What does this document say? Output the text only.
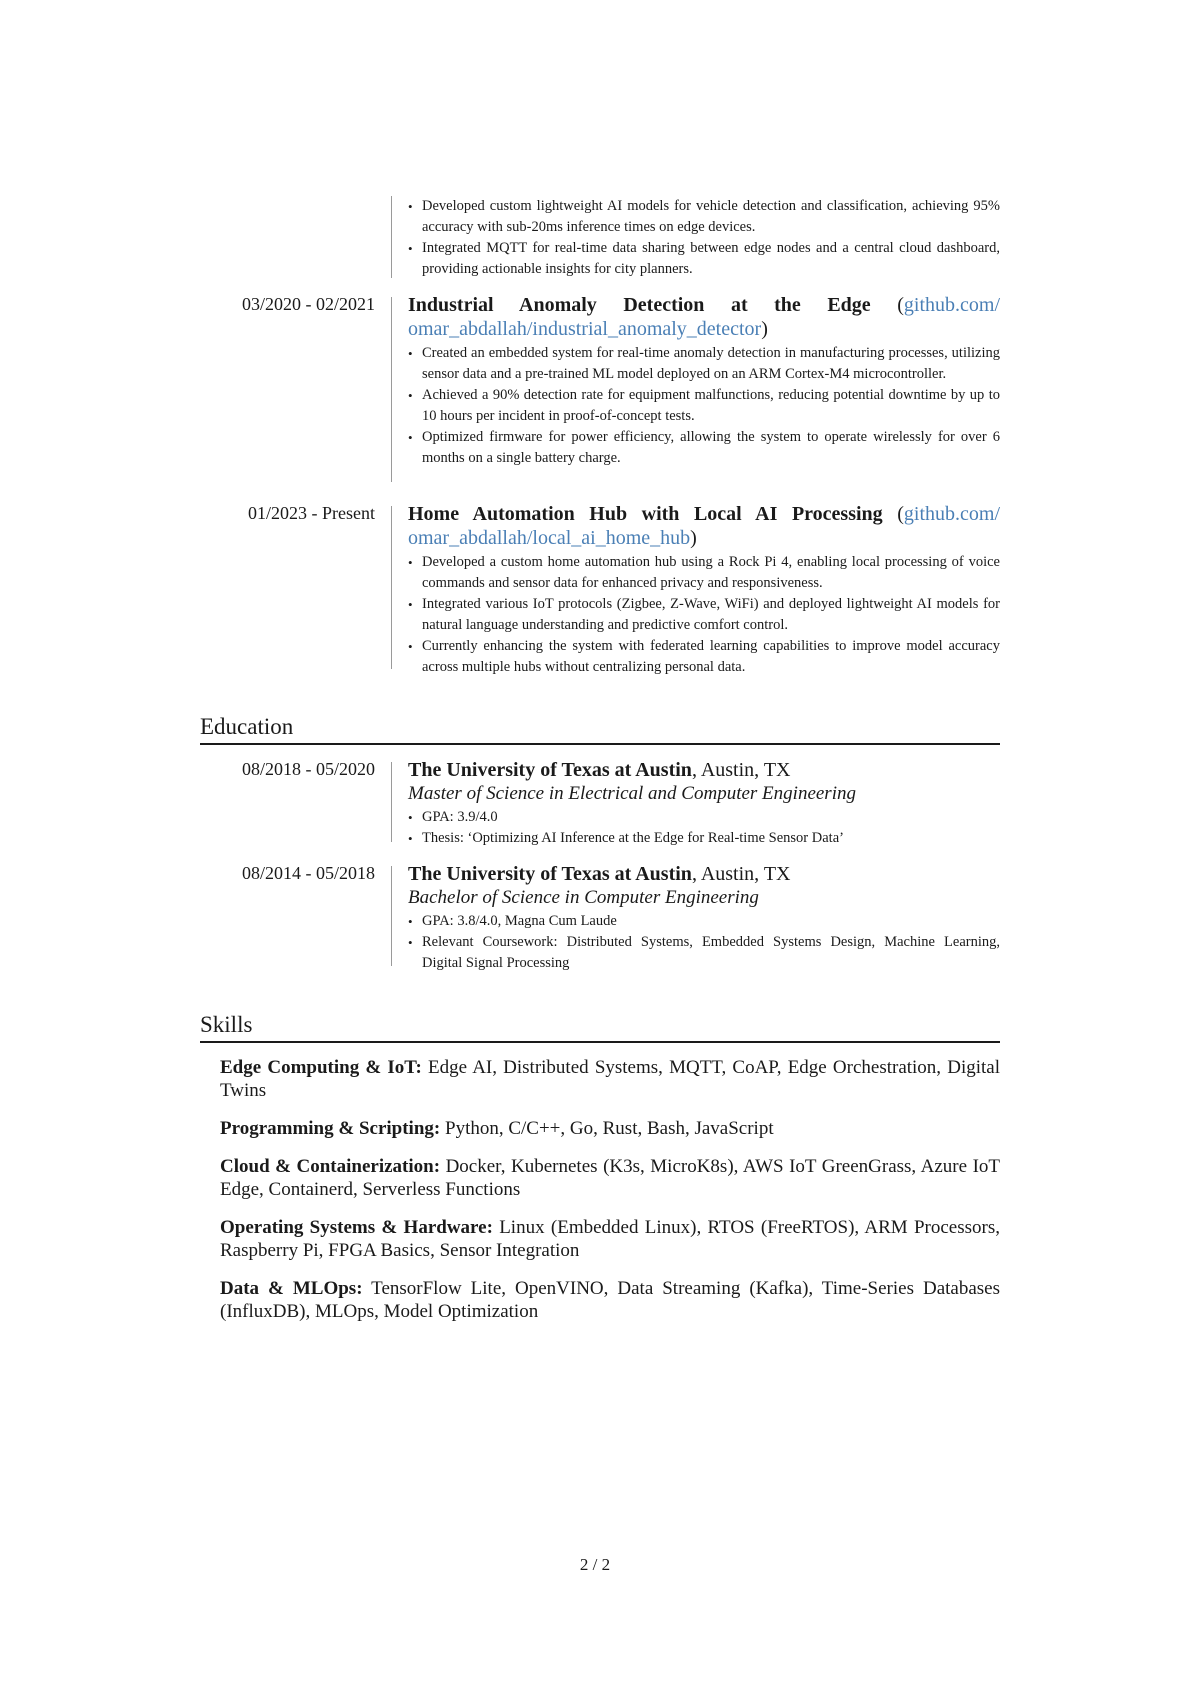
• Developed custom lightweight AI models for vehicle detection and classification, achieving 95% accuracy with sub-20ms inference times on edge devices.
• Integrated MQTT for real-time data sharing between edge nodes and a central cloud dashboard, providing actionable insights for city planners.
03/2020 - 02/2021 Industrial Anomaly Detection at the Edge (github.com/ omar_abdallah/industrial_anomaly_detector)
• Created an embedded system for real-time anomaly detection in manufacturing processes, utilizing sensor data and a pre-trained ML model deployed on an ARM Cortex-M4 microcontroller.
• Achieved a 90% detection rate for equipment malfunctions, reducing potential downtime by up to 10 hours per incident in proof-of-concept tests.
• Optimized firmware for power efficiency, allowing the system to operate wirelessly for over 6 months on a single battery charge.
01/2023 - Present Home Automation Hub with Local AI Processing (github.com/ omar_abdallah/local_ai_home_hub)
• Developed a custom home automation hub using a Rock Pi 4, enabling local processing of voice commands and sensor data for enhanced privacy and responsiveness.
• Integrated various IoT protocols (Zigbee, Z-Wave, WiFi) and deployed lightweight AI models for natural language understanding and predictive comfort control.
• Currently enhancing the system with federated learning capabilities to improve model accuracy across multiple hubs without centralizing personal data.
Education
08/2018 - 05/2020 The University of Texas at Austin, Austin, TX
Master of Science in Electrical and Computer Engineering
• GPA: 3.9/4.0
• Thesis: ‘Optimizing AI Inference at the Edge for Real-time Sensor Data’
08/2014 - 05/2018 The University of Texas at Austin, Austin, TX
Bachelor of Science in Computer Engineering
• GPA: 3.8/4.0, Magna Cum Laude
• Relevant Coursework: Distributed Systems, Embedded Systems Design, Machine Learning, Digital Signal Processing
Skills
Edge Computing & IoT: Edge AI, Distributed Systems, MQTT, CoAP, Edge Orchestration, Digital Twins
Programming & Scripting: Python, C/C++, Go, Rust, Bash, JavaScript
Cloud & Containerization: Docker, Kubernetes (K3s, MicroK8s), AWS IoT GreenGrass, Azure IoT Edge, Containerd, Serverless Functions
Operating Systems & Hardware: Linux (Embedded Linux), RTOS (FreeRTOS), ARM Processors, Raspberry Pi, FPGA Basics, Sensor Integration
Data & MLOps: TensorFlow Lite, OpenVINO, Data Streaming (Kafka), Time-Series Databases (InfluxDB), MLOps, Model Optimization
2 / 2
